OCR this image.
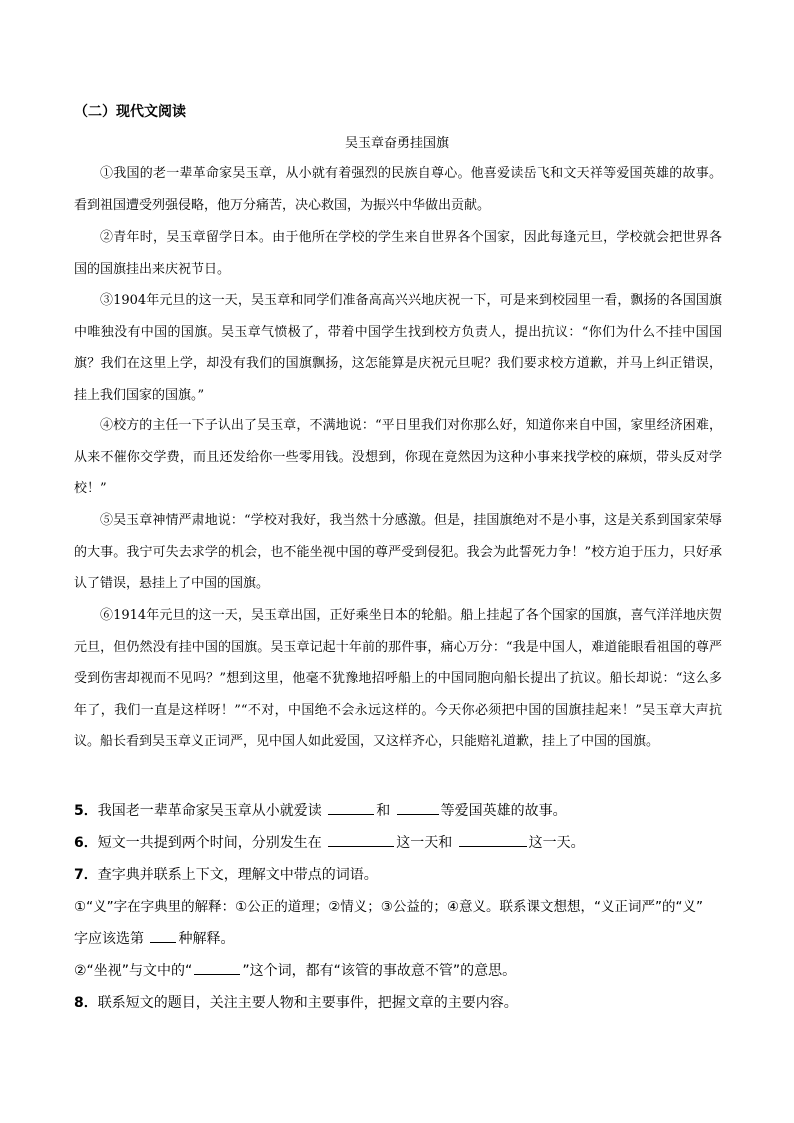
（二）现代文阅读
吴玉章奋勇挂国旗

①我国的老一辈革命家吴玉章，从小就有着强烈的民族自尊心。他喜爱读岳飞和文天祥等爱国英雄的故事。看到祖国遭受列强侵略，他万分痛苦，决心救国，为振兴中华做出贡献。

②青年时，吴玉章留学日本。由于他所在学校的学生来自世界各个国家，因此每逢元旦，学校就会把世界各国的国旗挂出来庆祝节日。

③1904年元旦的这一天，吴玉章和同学们准备高高兴兴地庆祝一下，可是来到校园里一看，飘扬的各国国旗中唯独没有中国的国旗。吴玉章气愤极了，带着中国学生找到校方负责人，提出抗议：“你们为什么不挂中国国旗？我们在这里上学，却没有我们的国旗飘扬，这怎能算是庆祝元旦呢？我们要求校方道歉，并马上纠正错误，挂上我们国家的国旗。”

④校方的主任一下子认出了吴玉章，不满地说：“平日里我们对你那么好，知道你来自中国，家里经济困难，从来不催你交学费，而且还发给你一些零用钱。没想到，你现在竟然因为这种小事来找学校的麻烦，带头反对学校！”

⑤吴玉章神情严肃地说：“学校对我好，我当然十分感激。但是，挂国旗绝对不是小事，这是关系到国家荣辱的大事。我宁可失去求学的机会，也不能坐视中国的尊严受到侵犯。我会为此誓死力争！”校方迫于压力，只好承认了错误，悬挂上了中国的国旗。

⑥1914年元旦的这一天，吴玉章出国，正好乘坐日本的轮船。船上挂起了各个国家的国旗，喜气洋洋地庆贺元旦，但仍然没有挂中国的国旗。吴玉章记起十年前的那件事，痛心万分：“我是中国人，难道能眼看祖国的尊严受到伤害却视而不见吗？”想到这里，他毫不犹豫地招呼船上的中国同胞向船长提出了抗议。船长却说：“这么多年了，我们一直是这样呀！”“不对，中国绝不会永远这样的。今天你必须把中国的国旗挂起来！”吴玉章大声抗议。船长看到吴玉章义正词严，见中国人如此爱国，又这样齐心，只能赔礼道歉，挂上了中国的国旗。

5．我国老一辈革命家吴玉章从小就爱读	和	等爱国英雄的故事。

6．短文一共提到两个时间，分别发生在	这一天和	这一天。

7．查字典并联系上下文，理解文中带点的词语。

①“义”字在字典里的解释：①公正的道理；②情义；③公益的；④意义。联系课文想想，“义正词严”的“义”

字应该选第 种解释。

②“坐视”与文中的“	”这个词，都有“该管的事故意不管”的意思。

8．联系短文的题目，关注主要人物和主要事件，把握文章的主要内容。
